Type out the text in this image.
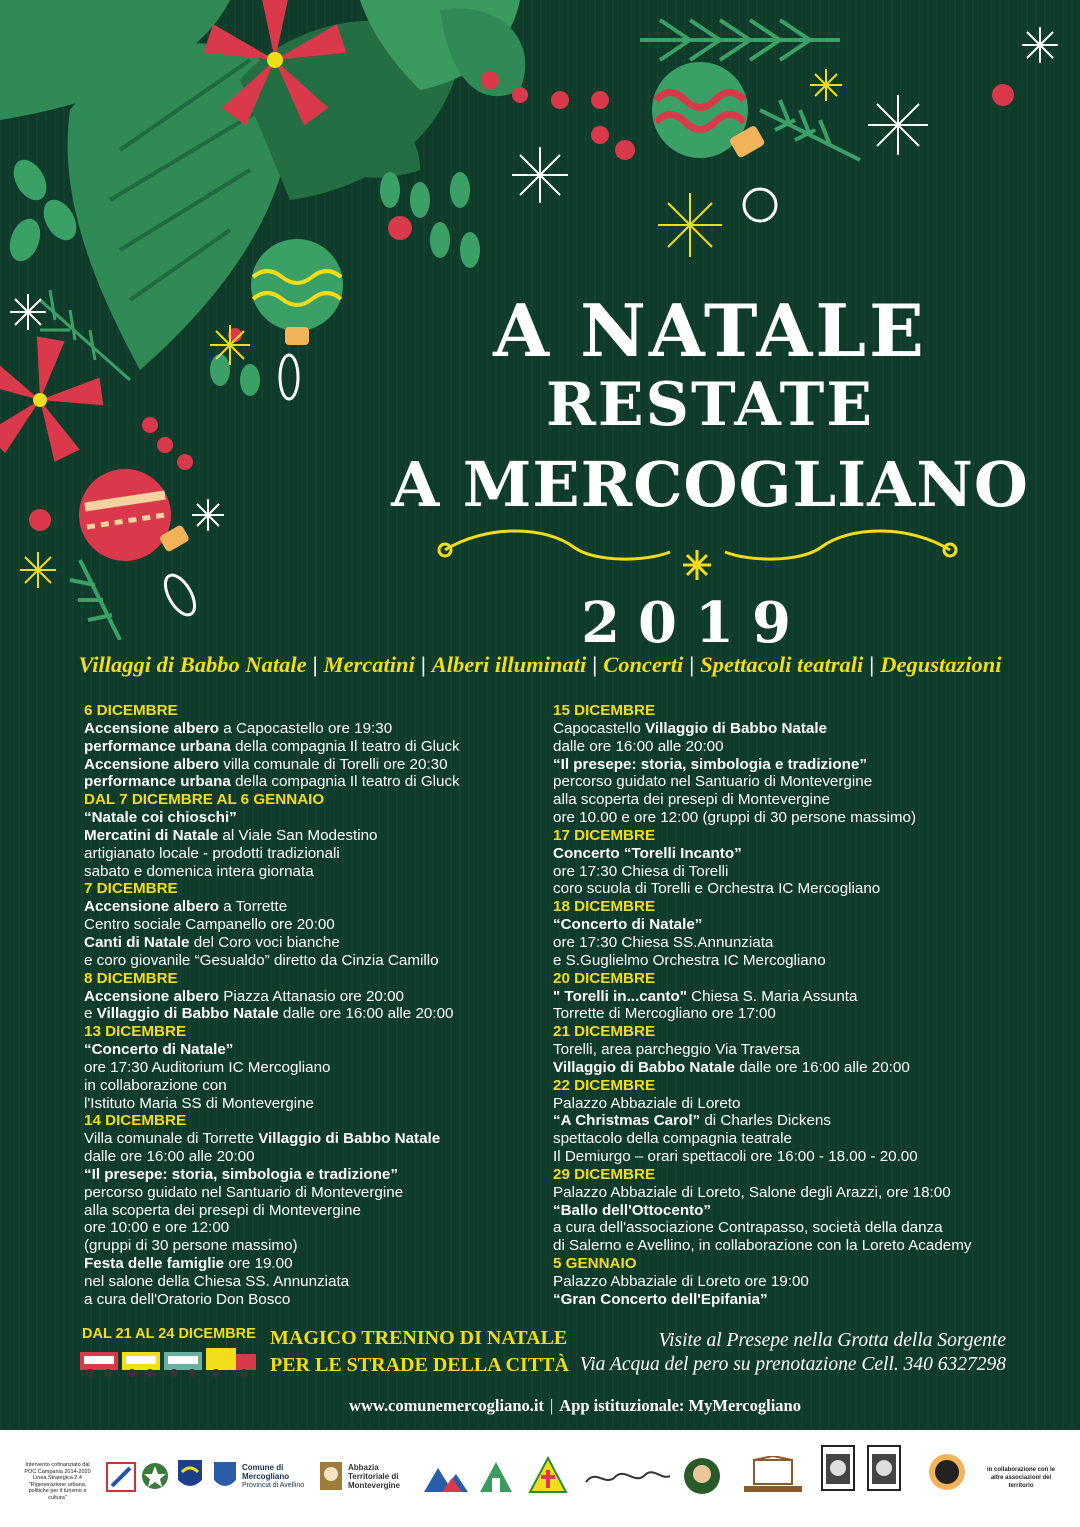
A NATALE
RESTATE
A MERCOGLIANO
2019
Villaggi di Babbo Natale | Mercatini | Alberi illuminati | Concerti | Spettacoli teatrali | Degustazioni
6 DICEMBRE
Accensione albero a Capocastello ore 19:30
performance urbana della compagnia Il teatro di Gluck
Accensione albero villa comunale di Torelli ore 20:30
performance urbana della compagnia Il teatro di Gluck
DAL 7 DICEMBRE AL 6 GENNAIO
“Natale coi chioschi”
Mercatini di Natale al Viale San Modestino
artigianato locale - prodotti tradizionali
sabato e domenica intera giornata
7 DICEMBRE
Accensione albero a Torrette
Centro sociale Campanello ore 20:00
Canti di Natale del Coro voci bianche
e coro giovanile “Gesualdo” diretto da Cinzia Camillo
8 DICEMBRE
Accensione albero Piazza Attanasio ore 20:00
e Villaggio di Babbo Natale dalle ore 16:00 alle 20:00
13 DICEMBRE
“Concerto di Natale”
ore 17:30 Auditorium IC Mercogliano
in collaborazione con
l'Istituto Maria SS di Montevergine
14 DICEMBRE
Villa comunale di Torrette Villaggio di Babbo Natale
dalle ore 16:00 alle 20:00
“Il presepe: storia, simbologia e tradizione”
percorso guidato nel Santuario di Montevergine
alla scoperta dei presepi di Montevergine
ore 10:00 e ore 12:00
(gruppi di 30 persone massimo)
Festa delle famiglie ore 19.00
nel salone della Chiesa SS. Annunziata
a cura dell'Oratorio Don Bosco
15 DICEMBRE
Capocastello Villaggio di Babbo Natale
dalle ore 16:00 alle 20:00
“Il presepe: storia, simbologia e tradizione”
percorso guidato nel Santuario di Montevergine
alla scoperta dei presepi di Montevergine
ore 10.00 e ore 12:00 (gruppi di 30 persone massimo)
17 DICEMBRE
Concerto “Torelli Incanto”
ore 17:30 Chiesa di Torelli
coro scuola di Torelli e Orchestra IC Mercogliano
18 DICEMBRE
“Concerto di Natale”
ore 17:30 Chiesa SS.Annunziata
e S.Guglielmo Orchestra IC Mercogliano
20 DICEMBRE
" Torelli in...canto" Chiesa S. Maria Assunta
Torrette di Mercogliano ore 17:00
21 DICEMBRE
Torelli, area parcheggio Via Traversa
Villaggio di Babbo Natale dalle ore 16:00 alle 20:00
22 DICEMBRE
Palazzo Abbaziale di Loreto
“A Christmas Carol” di Charles Dickens
spettacolo della compagnia teatrale
Il Demiurgo – orari spettacoli ore 16:00 - 18.00 - 20.00
29 DICEMBRE
Palazzo Abbaziale di Loreto, Salone degli Arazzi, ore 18:00
“Ballo dell'Ottocento”
a cura dell'associazione Contrapasso, società della danza
di Salerno e Avellino, in collaborazione con la Loreto Academy
5 GENNAIO
Palazzo Abbaziale di Loreto ore 19:00
“Gran Concerto dell'Epifania”
DAL 21 AL 24 DICEMBRE MAGICO TRENINO DI NATALE
PER LE STRADE DELLA CITTÀ
Visite al Presepe nella Grotta della Sorgente
Via Acqua del pero su prenotazione Cell. 340 6327298
www.comunemercogliano.it | App istituzionale: MyMercogliano
Intervento cofinanziato dal POC Campania 2014-2020 Linea Strategica 2.4 "Rigenerazione urbana, politiche per il turismo e cultura"
Comune di Mercogliano
Provincia di Avellino
Abbazia Territoriale di Montevergine
in collaborazione con le altre associazioni del territorio
